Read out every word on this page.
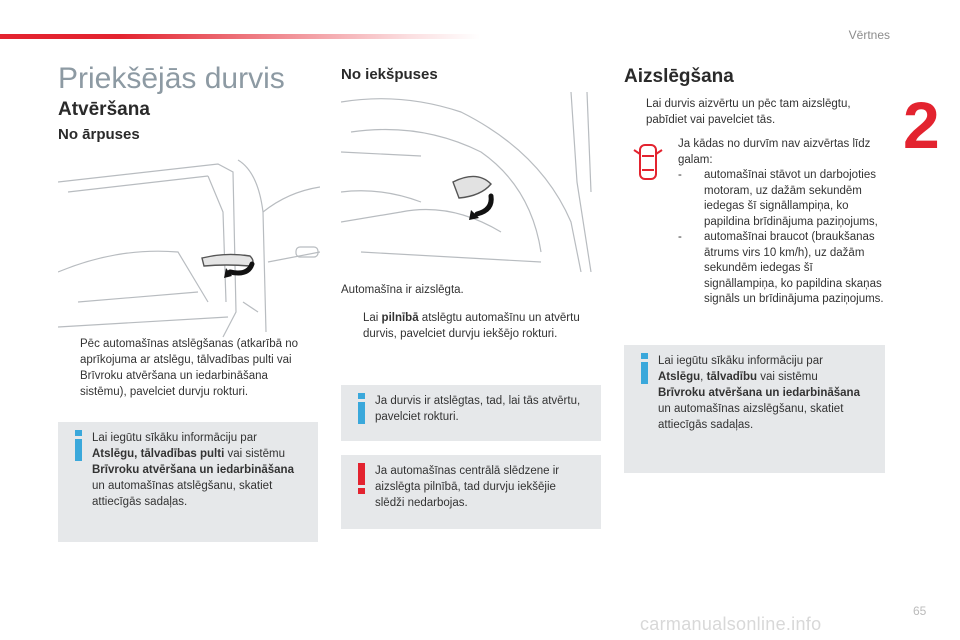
Vērtnes
2
Priekšējās durvis
Atvēršana
No ārpuses
Pēc automašīnas atslēgšanas (atkarībā no aprīkojuma ar atslēgu, tālvadības pulti vai Brīvroku atvēršana un iedarbināšana sistēmu), pavelciet durvju rokturi.
Lai iegūtu sīkāku informāciju par
Atslēgu, tālvadības pulti vai sistēmu
Brīvroku atvēršana un iedarbināšana
un automašīnas atslēgšanu, skatiet attiecīgās sadaļas.
No iekšpuses
Automašīna ir aizslēgta.
Lai pilnībā atslēgtu automašīnu un atvērtu durvis, pavelciet durvju iekšējo rokturi.
Ja durvis ir atslēgtas, tad, lai tās atvērtu, pavelciet rokturi.
Ja automašīnas centrālā slēdzene ir aizslēgta pilnībā, tad durvju iekšējie slēdži nedarbojas.
Aizslēgšana
Lai durvis aizvērtu un pēc tam aizslēgtu, pabīdiet vai pavelciet tās.
Ja kādas no durvīm nav aizvērtas līdz galam:
- automašīnai stāvot un darbojoties motoram, uz dažām sekundēm iedegas šī signāllampiņa, ko papildina brīdinājuma paziņojums,
- automašīnai braucot (braukšanas ātrums virs 10 km/h), uz dažām sekundēm iedegas šī signāllampiņa, ko papildina skaņas signāls un brīdinājuma paziņojums.
Lai iegūtu sīkāku informāciju par
Atslēgu, tālvadību vai sistēmu
Brīvroku atvēršana un iedarbināšana
un automašīnas aizslēgšanu, skatiet attiecīgās sadaļas.
65
carmanualsonline.info
